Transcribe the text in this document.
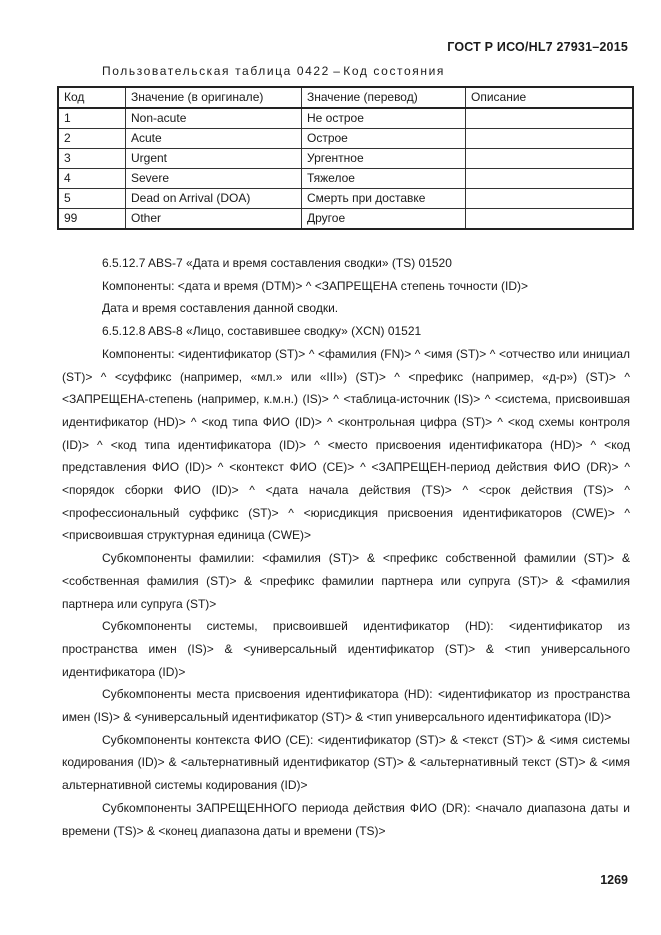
ГОСТ Р ИСО/HL7 27931–2015
Пользовательская таблица 0422 – Код состояния
Код	Значение (в оригинале)	Значение (перевод)	Описание
1	Non-acute	Не острое	
2	Acute	Острое	
3	Urgent	Ургентное	
4	Severe	Тяжелое	
5	Dead on Arrival (DOA)	Смерть при доставке	
99	Other	Другое	

6.5.12.7 ABS-7 «Дата и время составления сводки» (TS) 01520

Компоненты: <дата и время (DTM)> ^ <ЗАПРЕЩЕНА степень точности (ID)>

Дата и время составления данной сводки.

6.5.12.8 ABS-8 «Лицо, составившее сводку» (XCN) 01521

Компоненты: <идентификатор (ST)> ^ <фамилия (FN)> ^ <имя (ST)> ^ <отчество или инициал (ST)> ^ <суффикс (например, «мл.» или «III») (ST)> ^ <префикс (например, «д-р») (ST)> ^ <ЗАПРЕЩЕНА-степень (например, к.м.н.) (IS)> ^ <таблица-источник (IS)> ^ <система, присвоившая идентификатор (HD)> ^ <код типа ФИО (ID)> ^ <контрольная цифра (ST)> ^ <код схемы контроля (ID)> ^ <код типа идентификатора (ID)> ^ <место присвоения идентификатора (HD)> ^ <код представления ФИО (ID)> ^ <контекст ФИО (CE)> ^ <ЗАПРЕЩЕН-период действия ФИО (DR)> ^ <порядок сборки ФИО (ID)> ^ <дата начала действия (TS)> ^ <срок действия (TS)> ^ <профессиональный суффикс (ST)> ^ <юрисдикция присвоения идентификаторов (CWE)> ^ <присвоившая структурная единица (CWE)>

Субкомпоненты фамилии: <фамилия (ST)> & <префикс собственной фамилии (ST)> & <собственная фамилия (ST)> & <префикс фамилии партнера или супруга (ST)> & <фамилия партнера или супруга (ST)>

Субкомпоненты системы, присвоившей идентификатор (HD): <идентификатор из пространства имен (IS)> & <универсальный идентификатор (ST)> & <тип универсального идентификатора (ID)>

Субкомпоненты места присвоения идентификатора (HD): <идентификатор из пространства имен (IS)> & <универсальный идентификатор (ST)> & <тип универсального идентификатора (ID)>

Субкомпоненты контекста ФИО (CE): <идентификатор (ST)> & <текст (ST)> & <имя системы кодирования (ID)> & <альтернативный идентификатор (ST)> & <альтернативный текст (ST)> & <имя альтернативной системы кодирования (ID)>

Субкомпоненты ЗАПРЕЩЕННОГО периода действия ФИО (DR): <начало диапазона даты и времени (TS)> & <конец диапазона даты и времени (TS)>

1269
